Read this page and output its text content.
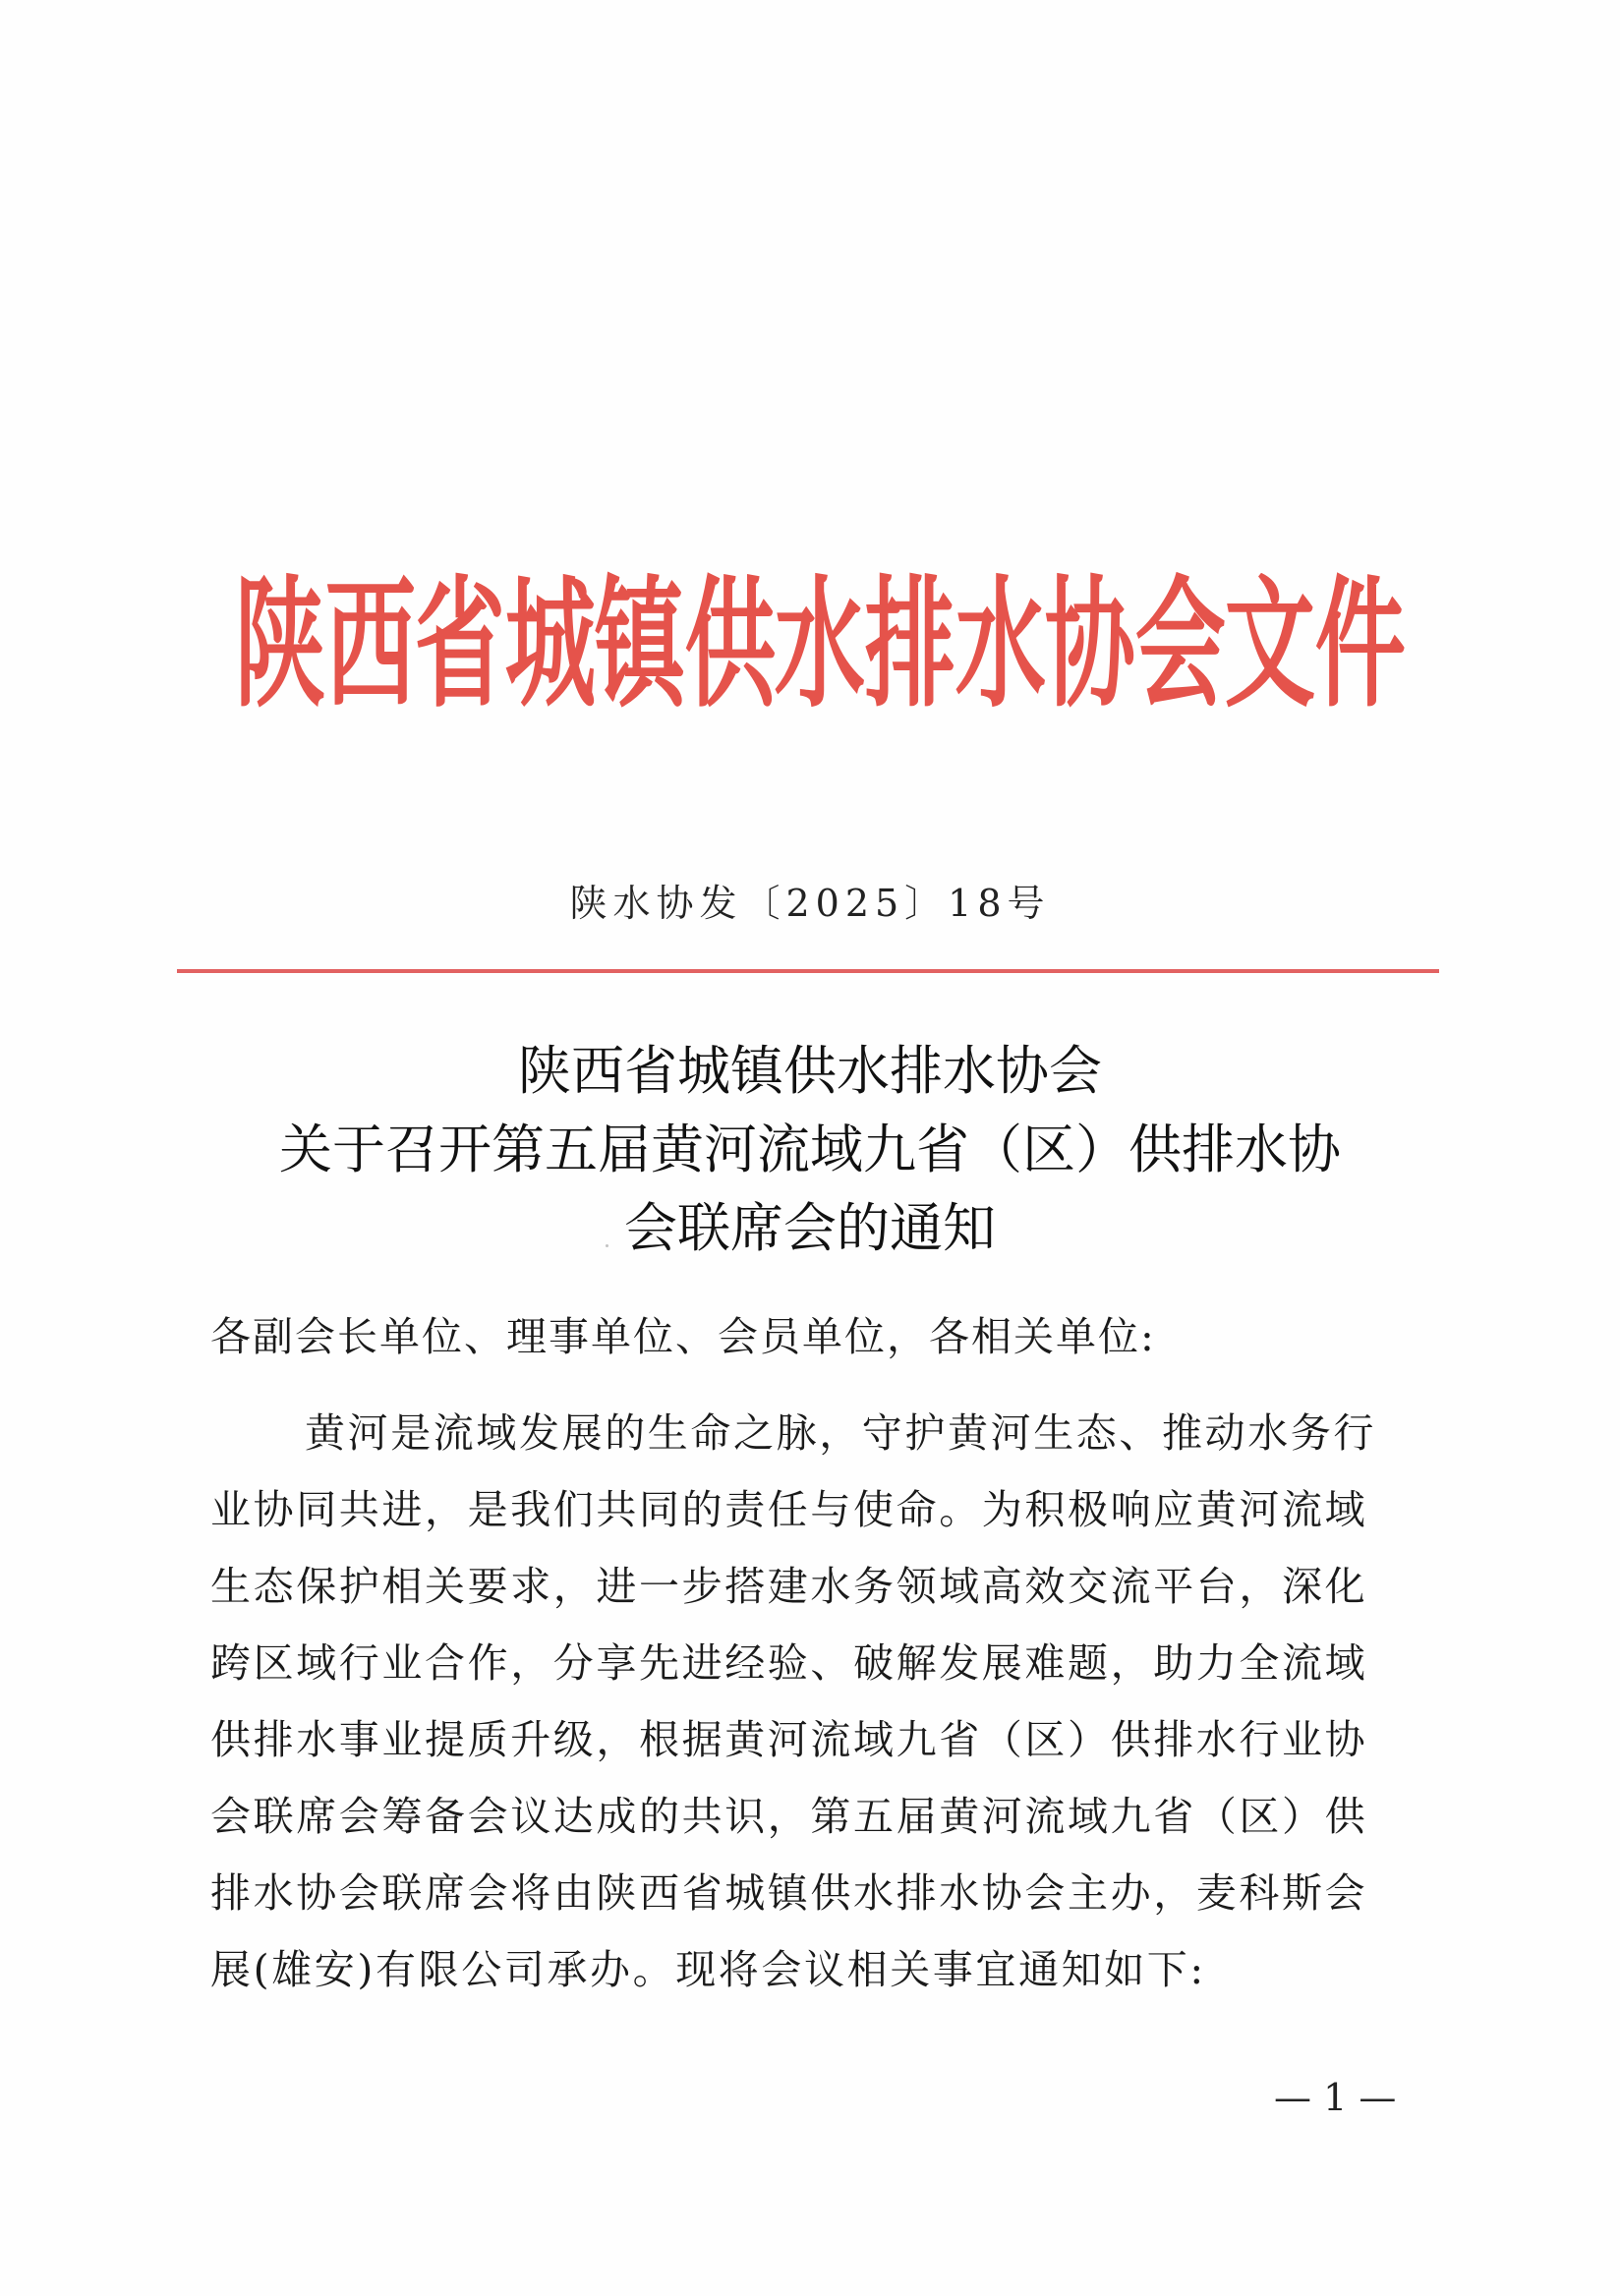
陕 西 省 城 镇 供 水 排 水 协 会 文 件
陕水协发〔2025〕18号
陕西省城镇供水排水协会
关于召开第五届黄河流域九省（区）供排水协
会联席会的通知
各副会长单位、理事单位、会员单位，各相关单位:
黄河是流域发展的生命之脉，守护黄河生态、推动水务行
业协同共进，是我们共同的责任与使命。为积极响应黄河流域
生态保护相关要求，进一步搭建水务领域高效交流平台，深化
跨区域行业合作，分享先进经验、破解发展难题，助力全流域
供排水事业提质升级，根据黄河流域九省（区）供排水行业协
会联席会筹备会议达成的共识，第五届黄河流域九省（区）供
排水协会联席会将由陕西省城镇供水排水协会主办，麦科斯会
展(雄安)有限公司承办。现将会议相关事宜通知如下:
— 1 —
